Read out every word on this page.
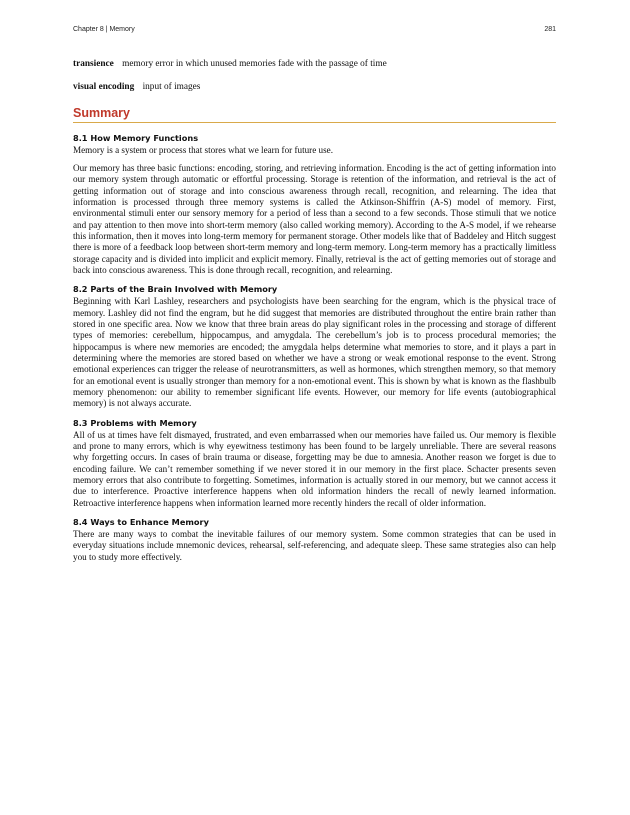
Chapter 8 | Memory	281

transience memory error in which unused memories fade with the passage of time

visual encoding input of images

Summary
8.1 How Memory Functions

Memory is a system or process that stores what we learn for future use.

Our memory has three basic functions: encoding, storing, and retrieving information. Encoding is the act of getting information into our memory system through automatic or effortful processing. Storage is retention of the information, and retrieval is the act of getting information out of storage and into conscious awareness through recall, recognition, and relearning. The idea that information is processed through three memory systems is called the Atkinson-Shiffrin (A-S) model of memory. First, environmental stimuli enter our sensory memory for a period of less than a second to a few seconds. Those stimuli that we notice and pay attention to then move into short-term memory (also called working memory). According to the A-S model, if we rehearse this information, then it moves into long-term memory for permanent storage. Other models like that of Baddeley and Hitch suggest there is more of a feedback loop between short-term memory and long-term memory. Long-term memory has a practically limitless storage capacity and is divided into implicit and explicit memory. Finally, retrieval is the act of getting memories out of storage and back into conscious awareness. This is done through recall, recognition, and relearning.

8.2 Parts of the Brain Involved with Memory

Beginning with Karl Lashley, researchers and psychologists have been searching for the engram, which is the physical trace of memory. Lashley did not find the engram, but he did suggest that memories are distributed throughout the entire brain rather than stored in one specific area. Now we know that three brain areas do play significant roles in the processing and storage of different types of memories: cerebellum, hippocampus, and amygdala. The cerebellum’s job is to process procedural memories; the hippocampus is where new memories are encoded; the amygdala helps determine what memories to store, and it plays a part in determining where the memories are stored based on whether we have a strong or weak emotional response to the event. Strong emotional experiences can trigger the release of neurotransmitters, as well as hormones, which strengthen memory, so that memory for an emotional event is usually stronger than memory for a non-emotional event. This is shown by what is known as the flashbulb memory phenomenon: our ability to remember significant life events. However, our memory for life events (autobiographical memory) is not always accurate.

8.3 Problems with Memory

All of us at times have felt dismayed, frustrated, and even embarrassed when our memories have failed us. Our memory is flexible and prone to many errors, which is why eyewitness testimony has been found to be largely unreliable. There are several reasons why forgetting occurs. In cases of brain trauma or disease, forgetting may be due to amnesia. Another reason we forget is due to encoding failure. We can’t remember something if we never stored it in our memory in the first place. Schacter presents seven memory errors that also contribute to forgetting. Sometimes, information is actually stored in our memory, but we cannot access it due to interference. Proactive interference happens when old information hinders the recall of newly learned information. Retroactive interference happens when information learned more recently hinders the recall of older information.

8.4 Ways to Enhance Memory

There are many ways to combat the inevitable failures of our memory system. Some common strategies that can be used in everyday situations include mnemonic devices, rehearsal, self-referencing, and adequate sleep. These same strategies also can help you to study more effectively.
